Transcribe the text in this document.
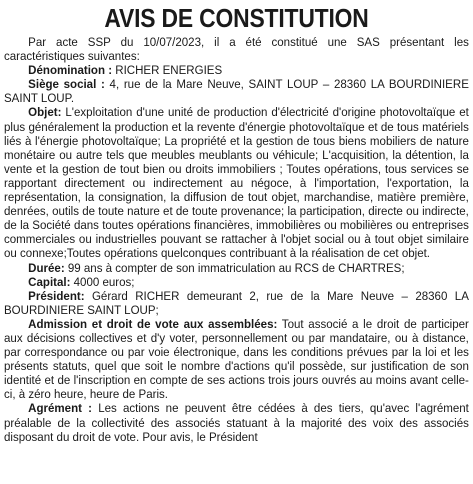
AVIS DE CONSTITUTION

Par acte SSP du 10/07/2023, il a été constitué une SAS présentant les caractéristiques suivantes:

Dénomination : RICHER ENERGIES

Siège social : 4, rue de la Mare Neuve, SAINT LOUP – 28360 LA BOURDINIERE SAINT LOUP.

Objet: L'exploitation d'une unité de production d'électricité d'origine photovoltaïque et plus généralement la production et la revente d'énergie photovoltaïque et de tous matériels liés à l'énergie photovoltaïque; La propriété et la gestion de tous biens mobiliers de nature monétaire ou autre tels que meubles meublants ou véhicule; L'acquisition, la détention, la vente et la gestion de tout bien ou droits immobiliers ; Toutes opérations, tous services se rapportant directement ou indirectement au négoce, à l'importation, l'exportation, la représentation, la consignation, la diffusion de tout objet, marchandise, matière première, denrées, outils de toute nature et de toute provenance; la participation, directe ou indirecte, de la Société dans toutes opérations financières, immobilières ou mobilières ou entreprises commerciales ou industrielles pouvant se rattacher à l'objet social ou à tout objet similaire ou connexe;Toutes opérations quelconques contribuant à la réalisation de cet objet.

Durée: 99 ans à compter de son immatriculation au RCS de CHARTRES;

Capital: 4000 euros;

Président: Gérard RICHER demeurant 2, rue de la Mare Neuve – 28360 LA BOURDINIERE SAINT LOUP;

Admission et droit de vote aux assemblées: Tout associé a le droit de participer aux décisions collectives et d'y voter, personnellement ou par mandataire, ou à distance, par correspondance ou par voie électronique, dans les conditions prévues par la loi et les présents statuts, quel que soit le nombre d'actions qu'il possède, sur justification de son identité et de l'inscription en compte de ses actions trois jours ouvrés au moins avant celle-ci, à zéro heure, heure de Paris.

Agrément : Les actions ne peuvent être cédées à des tiers, qu'avec l'agrément préalable de la collectivité des associés statuant à la majorité des voix des associés disposant du droit de vote. Pour avis, le Président
